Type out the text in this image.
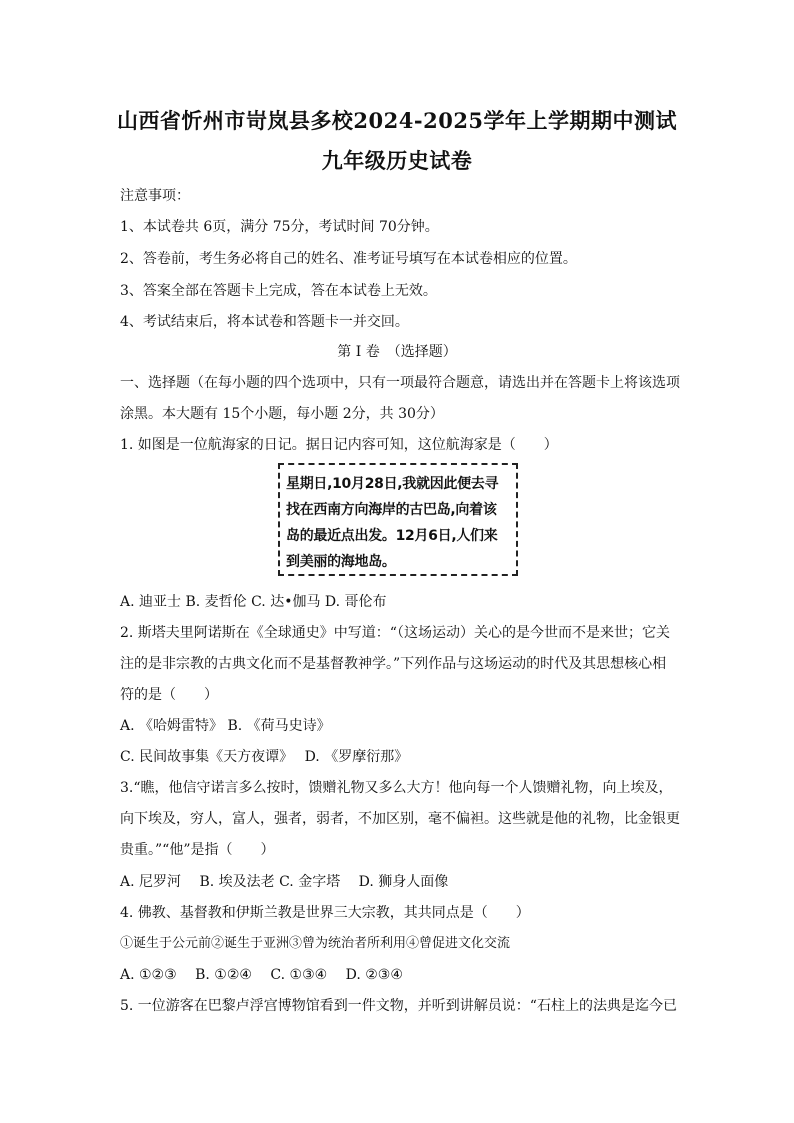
山西省忻州市岢岚县多校2024-2025学年上学期期中测试
九年级历史试卷
注意事项：
1、本试卷共 6页，满分 75分，考试时间 70分钟。
2、答卷前，考生务必将自己的姓名、准考证号填写在本试卷相应的位置。
3、答案全部在答题卡上完成，答在本试卷上无效。
4、考试结束后，将本试卷和答题卡一并交回。
第 I 卷　（选择题）
一、选择题（在每小题的四个选项中，只有一项最符合题意，请选出并在答题卡上将该选项
涂黑。本大题有 15个小题，每小题 2分，共 30分）
1. 如图是一位航海家的日记。据日记内容可知，这位航海家是（　　）
星期日,10月28日,我就因此便去寻
找在西南方向海岸的古巴岛,向着该
岛的最近点出发。12月6日,人们来
到美丽的海地岛。
A. 迪亚士 B. 麦哲伦 C. 达•伽马 D. 哥伦布
2. 斯塔夫里阿诺斯在《全球通史》中写道：“（这场运动）关心的是今世而不是来世；它关
注的是非宗教的古典文化而不是基督教神学。”下列作品与这场运动的时代及其思想核心相
符的是（　　）
A. 《哈姆雷特》 B. 《荷马史诗》
C. 民间故事集《天方夜谭》　 D. 《罗摩衍那》
3.“瞧，他信守诺言多么按时，馈赠礼物又多么大方！他向每一个人馈赠礼物，向上埃及，
向下埃及，穷人，富人，强者，弱者，不加区别，毫不偏袒。这些就是他的礼物，比金银更
贵重。”“他”是指（　　）
A. 尼罗河　 B. 埃及法老 C. 金字塔　 D. 狮身人面像
4. 佛教、基督教和伊斯兰教是世界三大宗教，其共同点是（　　）
①诞生于公元前②诞生于亚洲③曾为统治者所利用④曾促进文化交流
A. ①②③　 B. ①②④　 C. ①③④　 D. ②③④
5. 一位游客在巴黎卢浮宫博物馆看到一件文物，并听到讲解员说：“石柱上的法典是迄今已
